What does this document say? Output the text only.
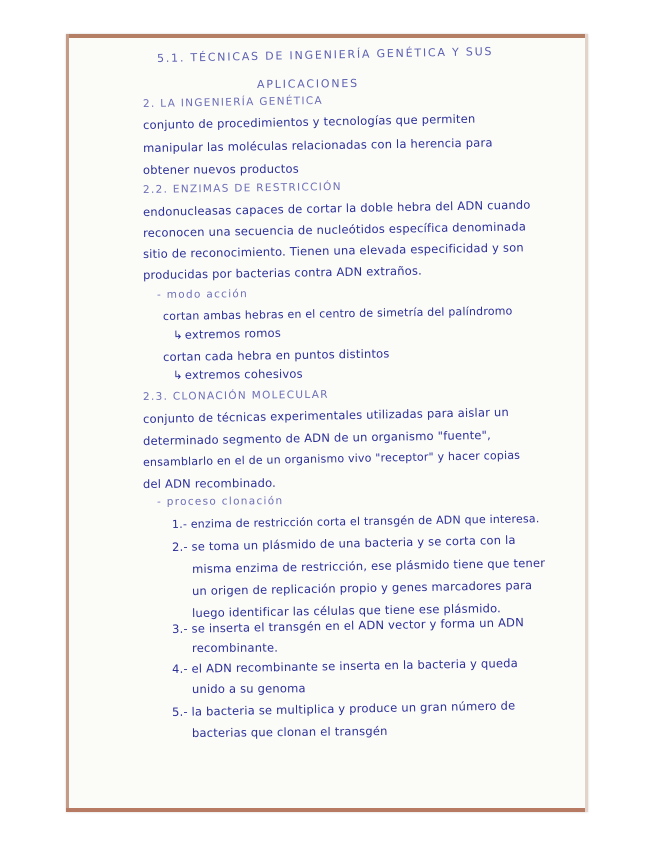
5.1. TÉCNICAS DE INGENIERÍA GENÉTICA Y SUS
APLICACIONES
2. LA INGENIERÍA GENÉTICA
conjunto de procedimientos y tecnologías que permiten
manipular las moléculas relacionadas con la herencia para
obtener nuevos productos
2.2. ENZIMAS DE RESTRICCIÓN
endonucleasas capaces de cortar la doble hebra del ADN cuando
reconocen una secuencia de nucleótidos específica denominada
sitio de reconocimiento. Tienen una elevada especificidad y son
producidas por bacterias contra ADN extraños.
- modo acción
cortan ambas hebras en el centro de simetría del palíndromo
↳ extremos romos
cortan cada hebra en puntos distintos
↳ extremos cohesivos
2.3. CLONACIÓN MOLECULAR
conjunto de técnicas experimentales utilizadas para aislar un
determinado segmento de ADN de un organismo "fuente",
ensamblarlo en el de un organismo vivo "receptor" y hacer copias
del ADN recombinado.
- proceso clonación
1.- enzima de restricción corta el transgén de ADN que interesa.
2.- se toma un plásmido de una bacteria y se corta con la
misma enzima de restricción, ese plásmido tiene que tener
un origen de replicación propio y genes marcadores para
luego identificar las células que tiene ese plásmido.
3.- se inserta el transgén en el ADN vector y forma un ADN
recombinante.
4.- el ADN recombinante se inserta en la bacteria y queda
unido a su genoma
5.- la bacteria se multiplica y produce un gran número de
bacterias que clonan el transgén
